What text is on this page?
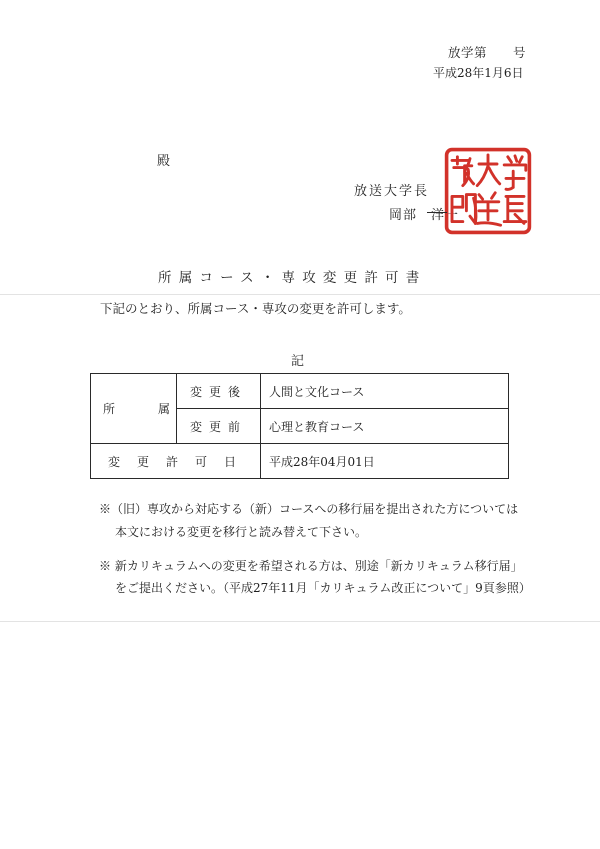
放学第　　号
平成28年1月6日
殿
放送大学長
岡部　洋一
所属コース・専攻変更許可書
下記のとおり、所属コース・専攻の変更を許可します。
記
所 属	変更後	人間と文化コース
	変更前	心理と教育コース
変更許可日		平成28年04月01日
※（旧）専攻から対応する（新）コースへの移行届を提出された方については
本文における変更を移行と読み替えて下さい。
※ 新カリキュラムへの変更を希望される方は、別途「新カリキュラム移行届」
をご提出ください。（平成27年11月「カリキュラム改正について」9頁参照）
